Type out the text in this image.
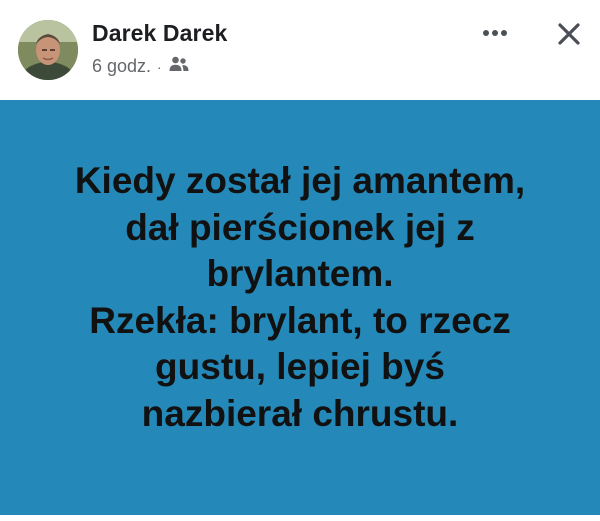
Darek Darek
6 godz. ·
Kiedy został jej amantem,
dał pierścionek jej z
brylantem.
Rzekła: brylant, to rzecz
gustu, lepiej byś
nazbierał chrustu.
